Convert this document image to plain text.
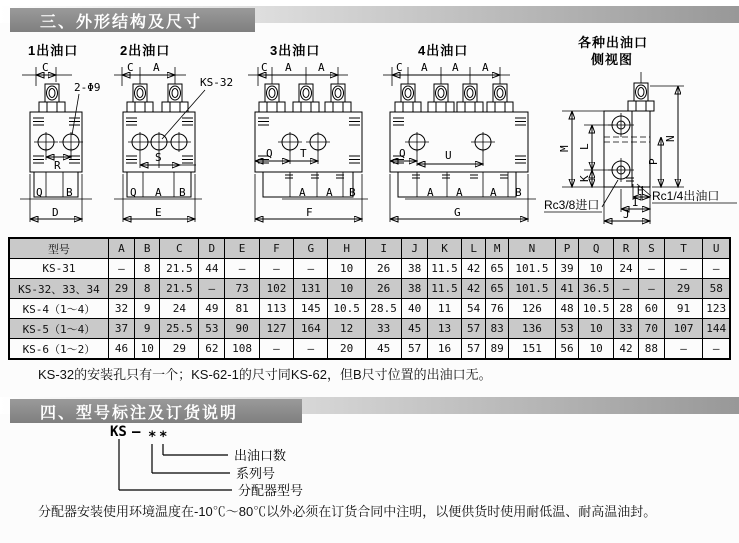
三、外形结构及尺寸
1出油口
C
2-Φ9
R
Q B
D
2出油口
C A
KS-32
S
Q A B
E
3出油口
C A A
Q T
A A B
F
4出油口
C A A A
Q	U
A A A B
G
各种出油口
侧视图
M L
K
N
P
H
I
J
Rc3/8进口
Rc1/4出油口
型号	A	B	C	D	E	F	G	H	I	J	K	L	M	N	P	Q	R	S	T	U
KS-31	—	8	21.5	44	—	—	—	10	26	38	11.5	42	65	101.5	39	10	24	—	—	—
KS-32、33、34	29	8	21.5	—	73	102	131	10	26	38	11.5	42	65	101.5	41	36.5	—	—	29	58
KS-4（1～4）	32	9	24	49	81	113	145	10.5	28.5	40	11	54	76	126	48	10.5	28	60	91	123
KS-5（1～4）	37	9	25.5	53	90	127	164	12	33	45	13	57	83	136	53	10	33	70	107	144
KS-6（1～2）	46	10	29	62	108	—	—	20	45	57	16	57	89	151	56	10	42	88	—	—

KS-32的安装孔只有一个；KS-62-1的尺寸同KS-62，但B尺寸位置的出油口无。

四、型号标注及订货说明
KS — * *
出油口数
系列号
分配器型号

分配器安装使用环境温度在-10℃～80℃以外必须在订货合同中注明，以便供货时使用耐低温、耐高温油封。
